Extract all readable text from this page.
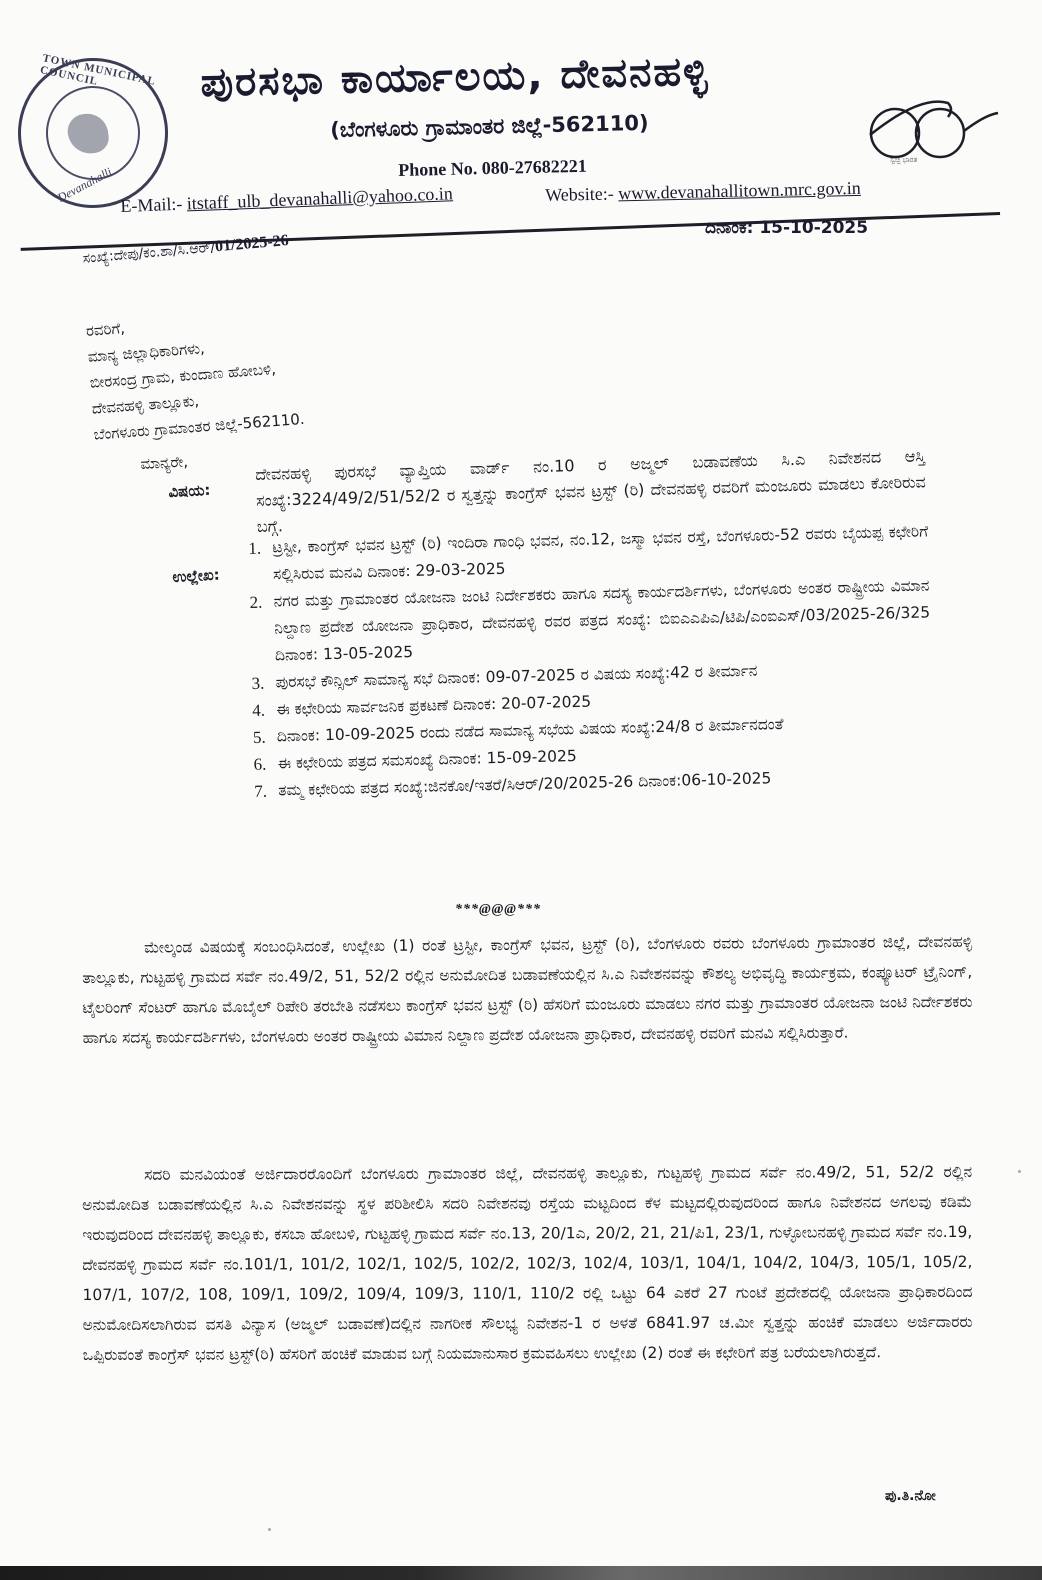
TOWN MUNICIPAL COUNCIL
Devanahalli
ಪುರಸಭಾ ಕಾರ್ಯಾಲಯ, ದೇವನಹಳ್ಳಿ
(ಬೆಂಗಳೂರು ಗ್ರಾಮಾಂತರ ಜಿಲ್ಲೆ-562110)
Phone No. 080-27682221
Website:- www.devanahallitown.mrc.gov.in
E-Mail:- itstaff_ulb_devanahalli@yahoo.co.in
ಸ್ವಚ್ಛ ಭಾರತ
ದಿನಾಂಕ: 15-10-2025
ಸಂಖ್ಯೆ:ದೇಪು/ಕಂ.ಶಾ/ಸಿ.ಆರ್/01/2025-26
ರವರಿಗೆ,
ಮಾನ್ಯ ಜಿಲ್ಲಾಧಿಕಾರಿಗಳು,
ಬೀರಸಂದ್ರ ಗ್ರಾಮ, ಕುಂದಾಣ ಹೋಬಳಿ,
ದೇವನಹಳ್ಳಿ ತಾಲ್ಲೂಕು,
ಬೆಂಗಳೂರು ಗ್ರಾಮಾಂತರ ಜಿಲ್ಲೆ-562110.
ಮಾನ್ಯರೇ,
ವಿಷಯ:
ದೇವನಹಳ್ಳಿ ಪುರಸಭೆ ವ್ಯಾಪ್ತಿಯ ವಾರ್ಡ್ ನಂ.10 ರ ಅಜ್ಮಲ್ ಬಡಾವಣೆಯ ಸಿ.ಎ ನಿವೇಶನದ ಆಸ್ತಿ ಸಂಖ್ಯೆ:3224/49/2/51/52/2 ರ ಸ್ವತ್ತನ್ನು ಕಾಂಗ್ರೆಸ್ ಭವನ ಟ್ರಸ್ಟ್ (ರಿ) ದೇವನಹಳ್ಳಿ ರವರಿಗೆ ಮಂಜೂರು ಮಾಡಲು ಕೋರಿರುವ ಬಗ್ಗೆ.
ಉಲ್ಲೇಖ:
1. ಟ್ರಸ್ಟೀ, ಕಾಂಗ್ರೆಸ್ ಭವನ ಟ್ರಸ್ಟ್ (ರಿ) ಇಂದಿರಾ ಗಾಂಧಿ ಭವನ, ನಂ.12, ಜಸ್ಮಾ ಭವನ ರಸ್ತೆ, ಬೆಂಗಳೂರು-52 ರವರು ಬೈಯಪ್ಪ ಕಛೇರಿಗೆ ಸಲ್ಲಿಸಿರುವ ಮನವಿ ದಿನಾಂಕ: 29-03-2025
2. ನಗರ ಮತ್ತು ಗ್ರಾಮಾಂತರ ಯೋಜನಾ ಜಂಟಿ ನಿರ್ದೇಶಕರು ಹಾಗೂ ಸದಸ್ಯ ಕಾರ್ಯದರ್ಶಿಗಳು, ಬೆಂಗಳೂರು ಅಂತರ ರಾಷ್ಟ್ರೀಯ ವಿಮಾನ ನಿಲ್ದಾಣ ಪ್ರದೇಶ ಯೋಜನಾ ಪ್ರಾಧಿಕಾರ, ದೇವನಹಳ್ಳಿ ರವರ ಪತ್ರದ ಸಂಖ್ಯೆ: ಬಿಐಎಎಪಿಎ/ಟಿಪಿ/ಎಂಐಎಸ್/03/2025-26/325 ದಿನಾಂಕ: 13-05-2025
3. ಪುರಸಭೆ ಕೌನ್ಸಿಲ್ ಸಾಮಾನ್ಯ ಸಭೆ ದಿನಾಂಕ: 09-07-2025 ರ ವಿಷಯ ಸಂಖ್ಯೆ:42 ರ ತೀರ್ಮಾನ
4. ಈ ಕಛೇರಿಯ ಸಾರ್ವಜನಿಕ ಪ್ರಕಟಣೆ ದಿನಾಂಕ: 20-07-2025
5. ದಿನಾಂಕ: 10-09-2025 ರಂದು ನಡೆದ ಸಾಮಾನ್ಯ ಸಭೆಯ ವಿಷಯ ಸಂಖ್ಯೆ:24/8 ರ ತೀರ್ಮಾನದಂತೆ
6. ಈ ಕಛೇರಿಯ ಪತ್ರದ ಸಮಸಂಖ್ಯೆ ದಿನಾಂಕ: 15-09-2025
7. ತಮ್ಮ ಕಛೇರಿಯ ಪತ್ರದ ಸಂಖ್ಯೆ:ಜಿನಕೋ/ಇತರೆ/ಸಿಆರ್/20/2025-26 ದಿನಾಂಕ:06-10-2025
***@@@***

ಮೇಲ್ಕಂಡ ವಿಷಯಕ್ಕೆ ಸಂಬಂಧಿಸಿದಂತೆ, ಉಲ್ಲೇಖ (1) ರಂತೆ ಟ್ರಸ್ಟೀ, ಕಾಂಗ್ರೆಸ್ ಭವನ, ಟ್ರಸ್ಟ್ (ರಿ), ಬೆಂಗಳೂರು ರವರು ಬೆಂಗಳೂರು ಗ್ರಾಮಾಂತರ ಜಿಲ್ಲೆ, ದೇವನಹಳ್ಳಿ ತಾಲ್ಲೂಕು, ಗುಟ್ಟಹಳ್ಳಿ ಗ್ರಾಮದ ಸರ್ವೆ ನಂ.49/2, 51, 52/2 ರಲ್ಲಿನ ಅನುಮೋದಿತ ಬಡಾವಣೆಯಲ್ಲಿನ ಸಿ.ಎ ನಿವೇಶನವನ್ನು ಕೌಶಲ್ಯ ಅಭಿವೃದ್ಧಿ ಕಾರ್ಯಕ್ರಮ, ಕಂಪ್ಯೂಟರ್ ಟ್ರೈನಿಂಗ್, ಟೈಲರಿಂಗ್ ಸೆಂಟರ್ ಹಾಗೂ ಮೊಬೈಲ್ ರಿಪೇರಿ ತರಬೇತಿ ನಡೆಸಲು ಕಾಂಗ್ರೆಸ್ ಭವನ ಟ್ರಸ್ಟ್ (ರಿ) ಹೆಸರಿಗೆ ಮಂಜೂರು ಮಾಡಲು ನಗರ ಮತ್ತು ಗ್ರಾಮಾಂತರ ಯೋಜನಾ ಜಂಟಿ ನಿರ್ದೇಶಕರು ಹಾಗೂ ಸದಸ್ಯ ಕಾರ್ಯದರ್ಶಿಗಳು, ಬೆಂಗಳೂರು ಅಂತರ ರಾಷ್ಟ್ರೀಯ ವಿಮಾನ ನಿಲ್ದಾಣ ಪ್ರದೇಶ ಯೋಜನಾ ಪ್ರಾಧಿಕಾರ, ದೇವನಹಳ್ಳಿ ರವರಿಗೆ ಮನವಿ ಸಲ್ಲಿಸಿರುತ್ತಾರೆ.

ಸದರಿ ಮನವಿಯಂತೆ ಅರ್ಜಿದಾರರೊಂದಿಗೆ ಬೆಂಗಳೂರು ಗ್ರಾಮಾಂತರ ಜಿಲ್ಲೆ, ದೇವನಹಳ್ಳಿ ತಾಲ್ಲೂಕು, ಗುಟ್ಟಹಳ್ಳಿ ಗ್ರಾಮದ ಸರ್ವೆ ನಂ.49/2, 51, 52/2 ರಲ್ಲಿನ ಅನುಮೋದಿತ ಬಡಾವಣೆಯಲ್ಲಿನ ಸಿ.ಎ ನಿವೇಶನವನ್ನು ಸ್ಥಳ ಪರಿಶೀಲಿಸಿ ಸದರಿ ನಿವೇಶನವು ರಸ್ತೆಯ ಮಟ್ಟದಿಂದ ಕೆಳ ಮಟ್ಟದಲ್ಲಿರುವುದರಿಂದ ಹಾಗೂ ನಿವೇಶನದ ಅಗಲವು ಕಡಿಮೆ ಇರುವುದರಿಂದ ದೇವನಹಳ್ಳಿ ತಾಲ್ಲೂಕು, ಕಸಬಾ ಹೋಬಳಿ, ಗುಟ್ಟಹಳ್ಳಿ ಗ್ರಾಮದ ಸರ್ವೆ ನಂ.13, 20/1ಎ, 20/2, 21, 21/ಪಿ1, 23/1, ಗುಳ್ಳೋಬನಹಳ್ಳಿ ಗ್ರಾಮದ ಸರ್ವೆ ನಂ.19, ದೇವನಹಳ್ಳಿ ಗ್ರಾಮದ ಸರ್ವೆ ನಂ.101/1, 101/2, 102/1, 102/5, 102/2, 102/3, 102/4, 103/1, 104/1, 104/2, 104/3, 105/1, 105/2, 107/1, 107/2, 108, 109/1, 109/2, 109/4, 109/3, 110/1, 110/2 ರಲ್ಲಿ ಒಟ್ಟು 64 ಎಕರೆ 27 ಗುಂಟೆ ಪ್ರದೇಶದಲ್ಲಿ ಯೋಜನಾ ಪ್ರಾಧಿಕಾರದಿಂದ ಅನುಮೋದಿಸಲಾಗಿರುವ ವಸತಿ ವಿನ್ಯಾಸ (ಅಜ್ಮಲ್ ಬಡಾವಣೆ)ದಲ್ಲಿನ ನಾಗರೀಕ ಸೌಲಭ್ಯ ನಿವೇಶನ-1 ರ ಅಳತೆ 6841.97 ಚ.ಮೀ ಸ್ವತ್ತನ್ನು ಹಂಚಿಕೆ ಮಾಡಲು ಅರ್ಜಿದಾರರು ಒಪ್ಪಿರುವಂತೆ ಕಾಂಗ್ರೆಸ್ ಭವನ ಟ್ರಸ್ಟ್(ರಿ) ಹೆಸರಿಗೆ ಹಂಚಿಕೆ ಮಾಡುವ ಬಗ್ಗೆ ನಿಯಮಾನುಸಾರ ಕ್ರಮವಹಿಸಲು ಉಲ್ಲೇಖ (2) ರಂತೆ ಈ ಕಛೇರಿಗೆ ಪತ್ರ ಬರೆಯಲಾಗಿರುತ್ತದೆ.

ಪು.ತಿ.ನೋ
